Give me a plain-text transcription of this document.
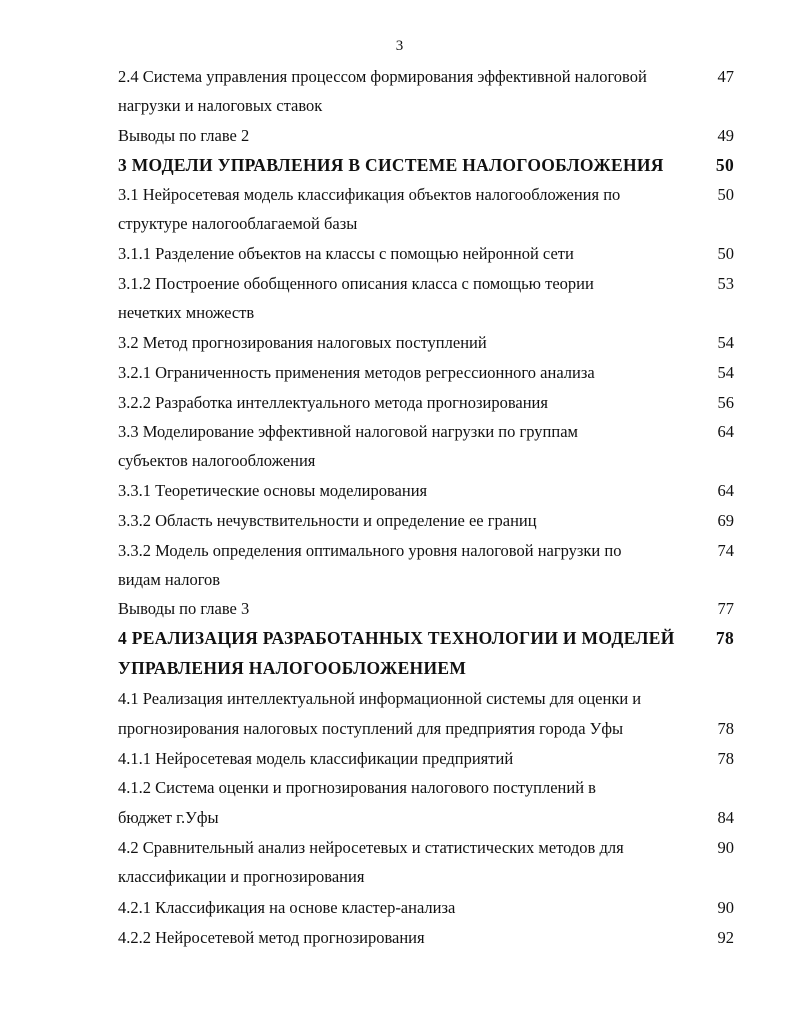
3
2.4 Система управления процессом формирования эффективной налоговой	47
нагрузки и налоговых ставок
Выводы по главе 2	49
3 МОДЕЛИ УПРАВЛЕНИЯ В СИСТЕМЕ НАЛОГООБЛОЖЕНИЯ	50
3.1 Нейросетевая модель классификация объектов налогообложения по	50
структуре налогооблагаемой базы
3.1.1 Разделение объектов на классы с помощью нейронной сети	50
3.1.2 Построение обобщенного описания класса с помощью теории	53
нечетких множеств
3.2 Метод прогнозирования налоговых поступлений	54
3.2.1 Ограниченность применения методов регрессионного анализа	54
3.2.2 Разработка интеллектуального метода прогнозирования	56
3.3 Моделирование эффективной налоговой нагрузки по группам	64
субъектов налогообложения
3.3.1 Теоретические основы моделирования	64
3.3.2 Область нечувствительности и определение ее границ	69
3.3.2 Модель определения оптимального уровня налоговой нагрузки по	74
видам налогов
Выводы по главе 3	77
4 РЕАЛИЗАЦИЯ РАЗРАБОТАННЫХ ТЕХНОЛОГИИ И МОДЕЛЕЙ 78
УПРАВЛЕНИЯ НАЛОГООБЛОЖЕНИЕМ
4.1 Реализация интеллектуальной информационной системы для оценки и
прогнозирования налоговых поступлений для предприятия города Уфы	78
4.1.1 Нейросетевая модель классификации предприятий	78
4.1.2 Система оценки и прогнозирования налогового поступлений в
бюджет г.Уфы	84
4.2 Сравнительный анализ нейросетевых и статистических методов для	90
классификации и прогнозирования
4.2.1 Классификация на основе кластер-анализа	90
4.2.2 Нейросетевой метод прогнозирования	92
